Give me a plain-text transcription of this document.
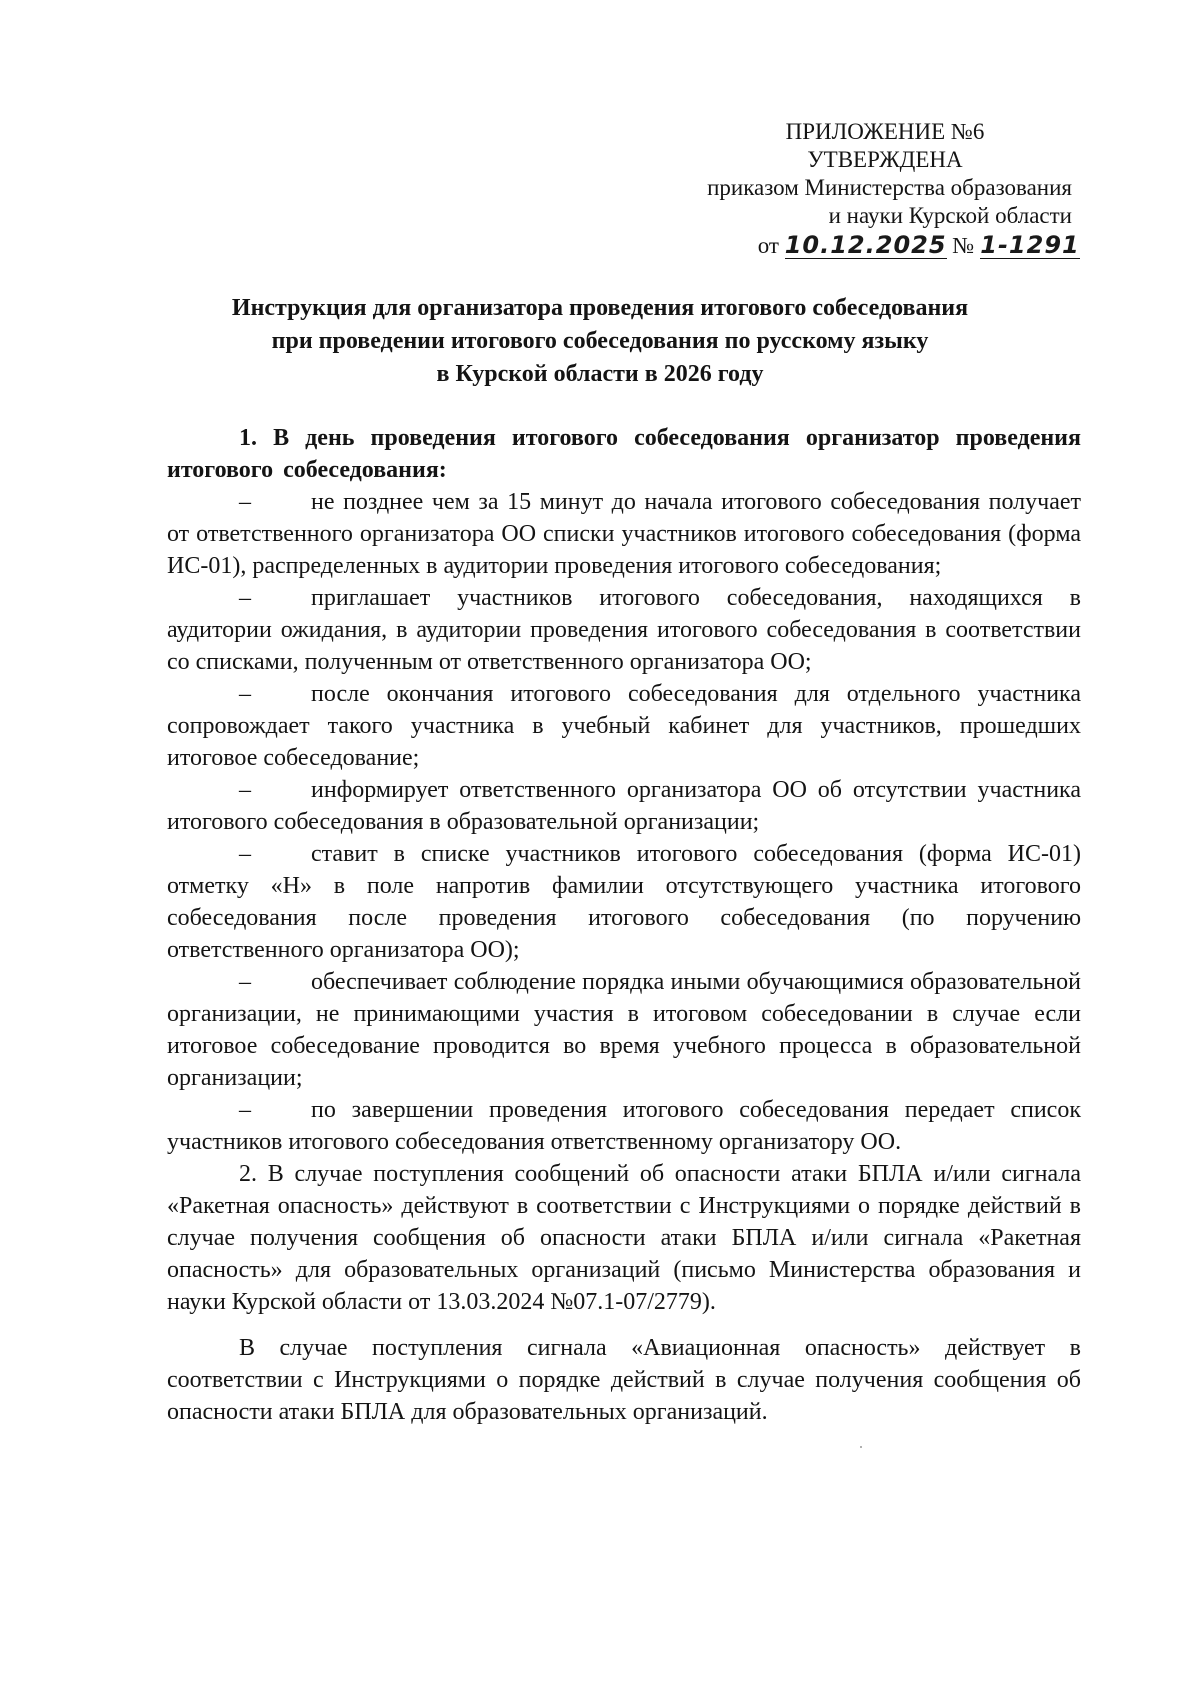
ПРИЛОЖЕНИЕ №6
УТВЕРЖДЕНА
приказом Министерства образования
и науки Курской области
от 10.12.2025 № 1-1291
Инструкция для организатора проведения итогового собеседования
при проведении итогового собеседования по русскому языку
в Курской области в 2026 году

1. В день проведения итогового собеседования организатор проведения итогового собеседования:

–	не позднее чем за 15 минут до начала итогового собеседования получает от ответственного организатора ОО списки участников итогового собеседования (форма ИС-01), распределенных в аудитории проведения итогового собеседования;

–	приглашает участников итогового собеседования, находящихся в аудитории ожидания, в аудитории проведения итогового собеседования в соответствии со списками, полученным от ответственного организатора ОО;

–	после окончания итогового собеседования для отдельного участника сопровождает такого участника в учебный кабинет для участников, прошедших итоговое собеседование;

–	информирует ответственного организатора ОО об отсутствии участника итогового собеседования в образовательной организации;

–	ставит в списке участников итогового собеседования (форма ИС-01) отметку «Н» в поле напротив фамилии отсутствующего участника итогового собеседования после проведения итогового собеседования (по поручению ответственного организатора ОО);

–	обеспечивает соблюдение порядка иными обучающимися образовательной организации, не принимающими участия в итоговом собеседовании в случае если итоговое собеседование проводится во время учебного процесса в образовательной организации;

–	по завершении проведения итогового собеседования передает список участников итогового собеседования ответственному организатору ОО.

2. В случае поступления сообщений об опасности атаки БПЛА и/или сигнала «Ракетная опасность» действуют в соответствии с Инструкциями о порядке действий в случае получения сообщения об опасности атаки БПЛА и/или сигнала «Ракетная опасность» для образовательных организаций (письмо Министерства образования и науки Курской области от 13.03.2024 №07.1-07/2779).

В случае поступления сигнала «Авиационная опасность» действует в соответствии с Инструкциями о порядке действий в случае получения сообщения об опасности атаки БПЛА для образовательных организаций.
